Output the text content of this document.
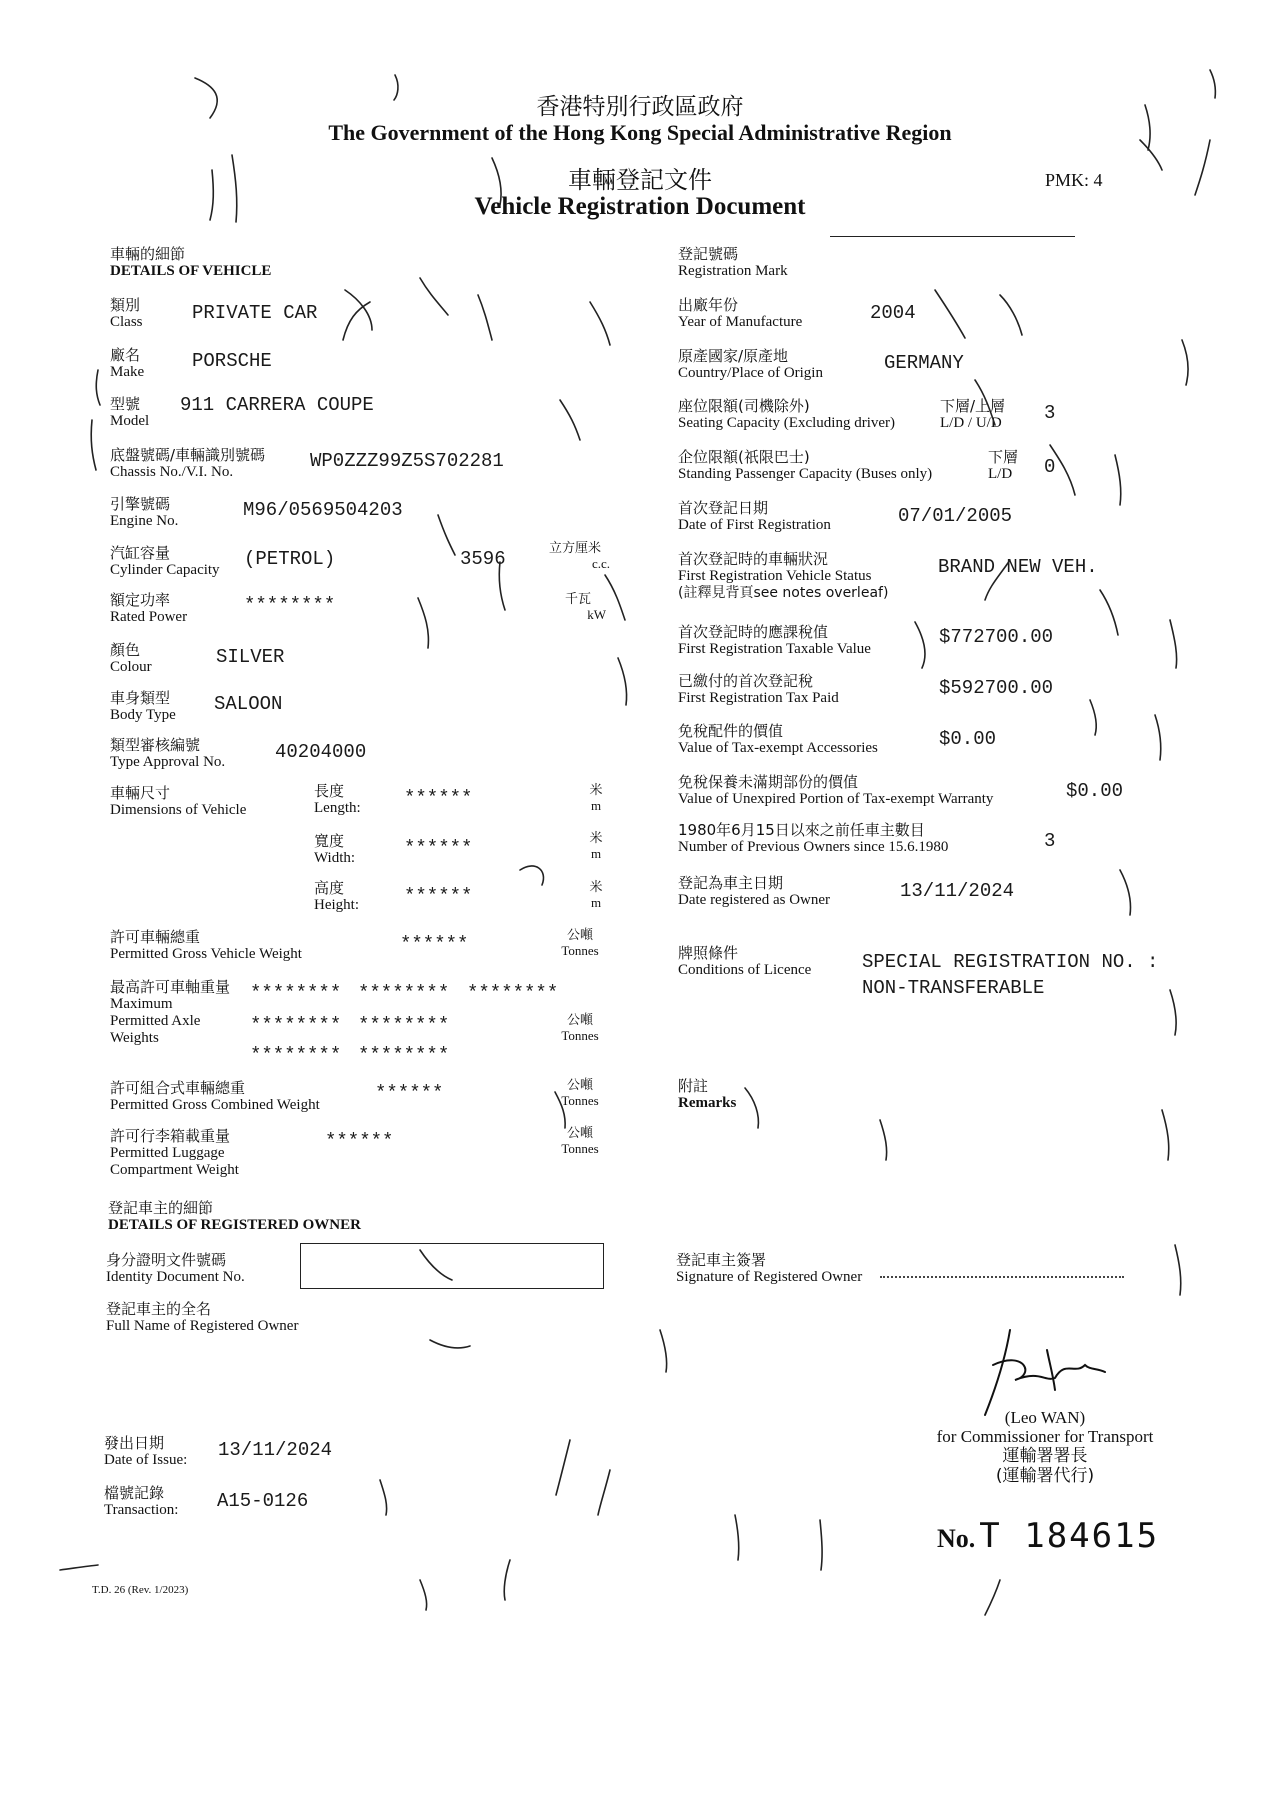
香港特別行政區政府
The Government of the Hong Kong Special Administrative Region
車輛登記文件
Vehicle Registration Document
PMK: 4
車輛的細節
DETAILS OF VEHICLE
類別
Class	PRIVATE CAR
廠名
Make	PORSCHE
型號
Model
911 CARRERA COUPE
底盤號碼/車輛識別號碼
Chassis No./V.I. No.	WP0ZZZ99Z5S702281
引擎號碼
Engine No.	M96/0569504203
汽缸容量
Cylinder Capacity (PETROL)	3596	立方厘米
c.c.
額定功率
Rated Power
********	千瓦
kW
顏色
Colour	SILVER
車身類型
Body Type SALOON
類型審核編號
Type Approval No.	40204000
車輛尺寸
Dimensions of Vehicle
長度
Length: ******	米
m
寬度
Width:	******	米
m
高度
Height: ******	米
m
許可車輛總重
Permitted Gross Vehicle Weight	******	公噸
Tonnes
最高許可車軸重量
Maximum
Permitted Axle
Weights
******** ******** ********
******** ********
******** ********
公噸
Tonnes
許可組合式車輛總重
Permitted Gross Combined Weight
******	公噸
Tonnes
許可行李箱載重量
Permitted Luggage
Compartment Weight
******	公噸
Tonnes
登記號碼
Registration Mark
出廠年份
Year of Manufacture	2004
原產國家/原產地
Country/Place of Origin	GERMANY
座位限額(司機除外)
Seating Capacity (Excluding driver)
下層/上層
L/D / U/D 3
企位限額(祇限巴士)
Standing Passenger Capacity (Buses only)
下層
L/D	0
首次登記日期
Date of First Registration	07/01/2005
首次登記時的車輛狀況
First Registration Vehicle Status
(註釋見背頁see notes overleaf)
BRAND NEW VEH.
首次登記時的應課稅值
First Registration Taxable Value
$772700.00
已繳付的首次登記稅
First Registration Tax Paid	$592700.00
免稅配件的價值
Value of Tax-exempt Accessories	$0.00
免稅保養未滿期部份的價值
Value of Unexpired Portion of Tax-exempt Warranty	$0.00
1980年6月15日以來之前任車主數目
Number of Previous Owners since 15.6.1980	3
登記為車主日期
Date registered as Owner	13/11/2024
牌照條件
Conditions of Licence	SPECIAL REGISTRATION NO. :
NON-TRANSFERABLE
附註
Remarks
登記車主的細節
DETAILS OF REGISTERED OWNER
身分證明文件號碼
Identity Document No.
登記車主簽署
Signature of Registered Owner
登記車主的全名
Full Name of Registered Owner
發出日期
Date of Issue: 13/11/2024
檔號記錄
Transaction: A15-0126
(Leo WAN)
for Commissioner for Transport
運輸署署長
(運輸署代行)
No. T 184615
T.D. 26 (Rev. 1/2023)
